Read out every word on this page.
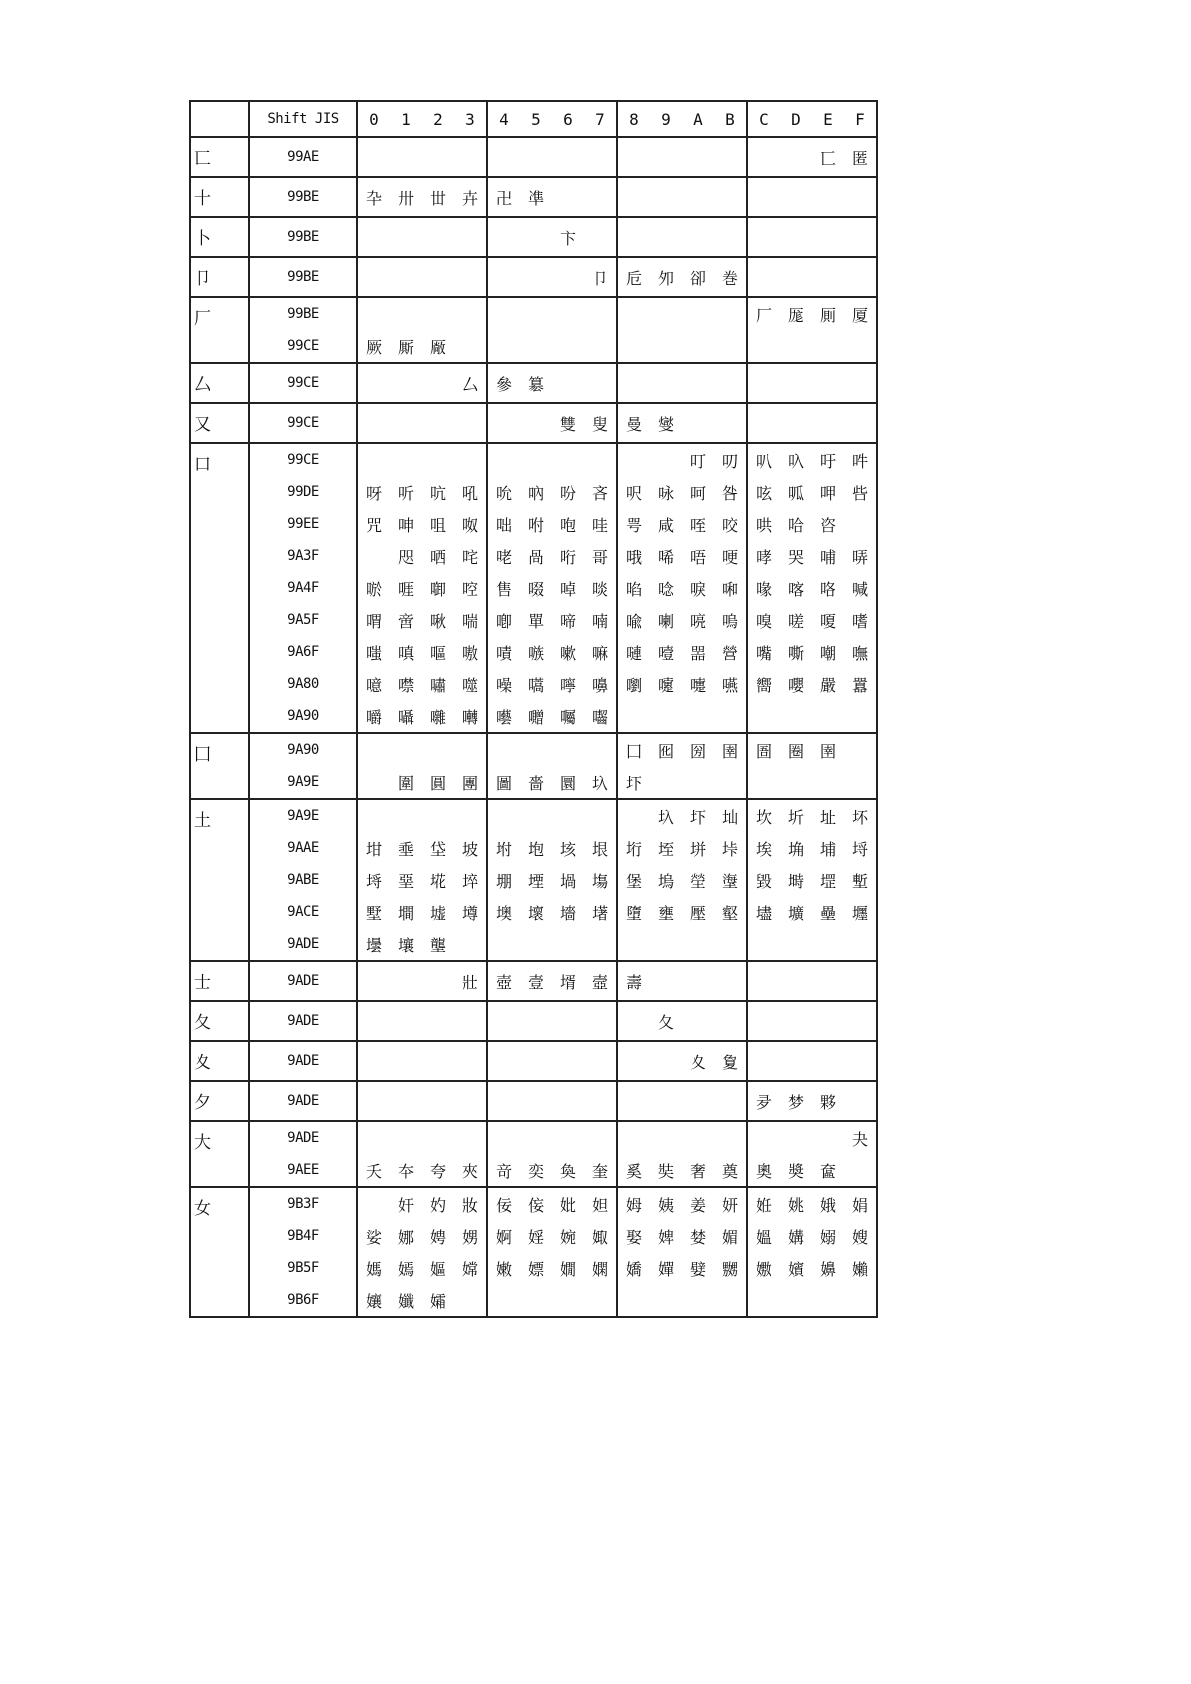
	Shift JIS	0	1	2	3	4	5	6	7	8	9	A	B	C	D	E	F
匸	99AE															匸	匿
十	99BE	卆	卅	丗	卉	卍	凖										
卜	99BE							卞									
卩	99BE								卩	卮	夘	卻	巻				
厂	99BE													厂	厖	厠	厦
	99CE	厥	厮	厰													
厶	99CE				厶	參	簒										
又	99CE							雙	叟	曼	燮						
口	99CE											叮	叨	叭	叺	吁	吽
	99DE	呀	听	吭	吼	吮	吶	吩	吝	呎	咏	呵	咎	呟	呱	呷	呰
	99EE	咒	呻	咀	呶	咄	咐	咆	哇	咢	咸	咥	咬	哄	哈	咨	
	9A3F		咫	哂	咤	咾	咼	哘	哥	哦	唏	唔	哽	哮	哭	哺	哢
	9A4F	唹	啀	啣	啌	售	啜	啅	啖	啗	唸	唳	啝	喙	喀	咯	喊
	9A5F	喟	啻	啾	喘	喞	單	啼	喃	喩	喇	喨	嗚	嗅	嗟	嗄	嗜
	9A6F	嗤	嗔	嘔	嗷	嘖	嗾	嗽	嘛	嗹	噎	噐	營	嘴	嘶	嘲	嘸
	9A80	噫	噤	嘯	噬	噪	嚆	嚀	嚊	嚠	嚔	嚏	嚥	嚮	嚶	嚴	囂
	9A90	嚼	囁	囃	囀	囈	囎	囑	囓								
囗	9A90									囗	囮	圀	圉	圄	圈	圉	
	9A9E		圍	圓	團	圖	嗇	圜	圦	圷							
土	9A9E										圦	圷	圸	坎	圻	址	坏
	9AAE	坩	埀	垈	坡	坿	垉	垓	垠	垳	垤	垪	垰	埃	埆	埔	埒
	9ABE	埓	堊	埖	埣	堋	堙	堝	塲	堡	塢	塋	塰	毀	塒	堽	塹
	9ACE	墅	墹	墟	墫	墺	壞	墻	墸	墮	壅	壓	壑	壗	壙	壘	壥
	9ADE	壜	壤	壟													
士	9ADE				壯	壺	壹	壻	壼	壽							
夂	9ADE										夂						
夊	9ADE											夊	夐				
夕	9ADE													夛	梦	夥	
大	9ADE																夬
	9AEE	夭	夲	夸	夾	竒	奕	奐	奎	奚	奘	奢	奠	奧	奬	奩	
女	9B3F		奸	妁	妝	佞	侫	妣	妲	姆	姨	姜	妍	姙	姚	娥	娟
	9B4F	娑	娜	娉	娚	婀	婬	婉	娵	娶	婢	婪	媚	媼	媾	嫋	嫂
	9B5F	媽	嫣	嫗	嫦	嫩	嫖	嫺	嫻	嬌	嬋	嬖	嬲	嫐	嬪	嬶	嬾
	9B6F	孃	孅	孀													
